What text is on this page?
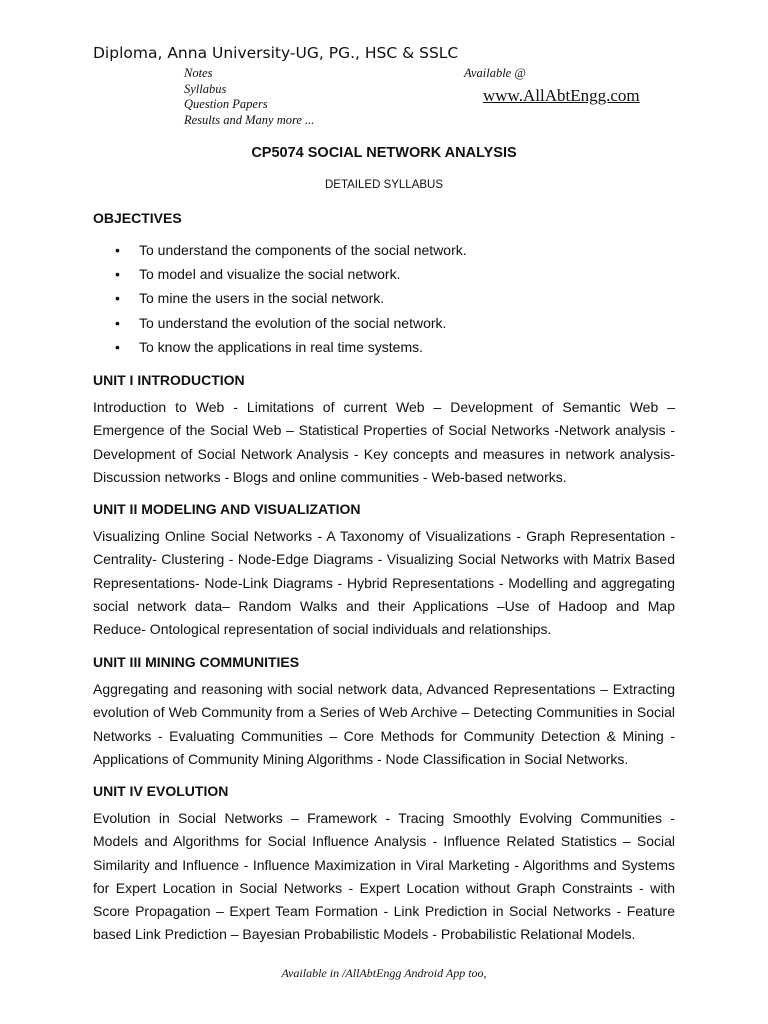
Diploma, Anna University-UG, PG., HSC & SSLC
Notes
Syllabus
Question Papers
Results and Many more ...
Available @
www.AllAbtEngg.com
CP5074 SOCIAL NETWORK ANALYSIS
DETAILED SYLLABUS
OBJECTIVES
• To understand the components of the social network.
• To model and visualize the social network.
• To mine the users in the social network.
• To understand the evolution of the social network.
• To know the applications in real time systems.
UNIT I INTRODUCTION

Introduction to Web - Limitations of current Web – Development of Semantic Web – Emergence of the Social Web – Statistical Properties of Social Networks -Network analysis - Development of Social Network Analysis - Key concepts and measures in network analysis- Discussion networks - Blogs and online communities - Web-based networks.

UNIT II MODELING AND VISUALIZATION

Visualizing Online Social Networks - A Taxonomy of Visualizations - Graph Representation - Centrality- Clustering - Node-Edge Diagrams - Visualizing Social Networks with Matrix Based Representations- Node-Link Diagrams - Hybrid Representations - Modelling and aggregating social network data– Random Walks and their Applications –Use of Hadoop and Map Reduce- Ontological representation of social individuals and relationships.

UNIT III MINING COMMUNITIES

Aggregating and reasoning with social network data, Advanced Representations – Extracting evolution of Web Community from a Series of Web Archive – Detecting Communities in Social Networks - Evaluating Communities – Core Methods for Community Detection & Mining - Applications of Community Mining Algorithms - Node Classification in Social Networks.

UNIT IV EVOLUTION

Evolution in Social Networks – Framework - Tracing Smoothly Evolving Communities - Models and Algorithms for Social Influence Analysis - Influence Related Statistics – Social Similarity and Influence - Influence Maximization in Viral Marketing - Algorithms and Systems for Expert Location in Social Networks - Expert Location without Graph Constraints - with Score Propagation – Expert Team Formation - Link Prediction in Social Networks - Feature based Link Prediction – Bayesian Probabilistic Models - Probabilistic Relational Models.

Available in /AllAbtEngg Android App too,
